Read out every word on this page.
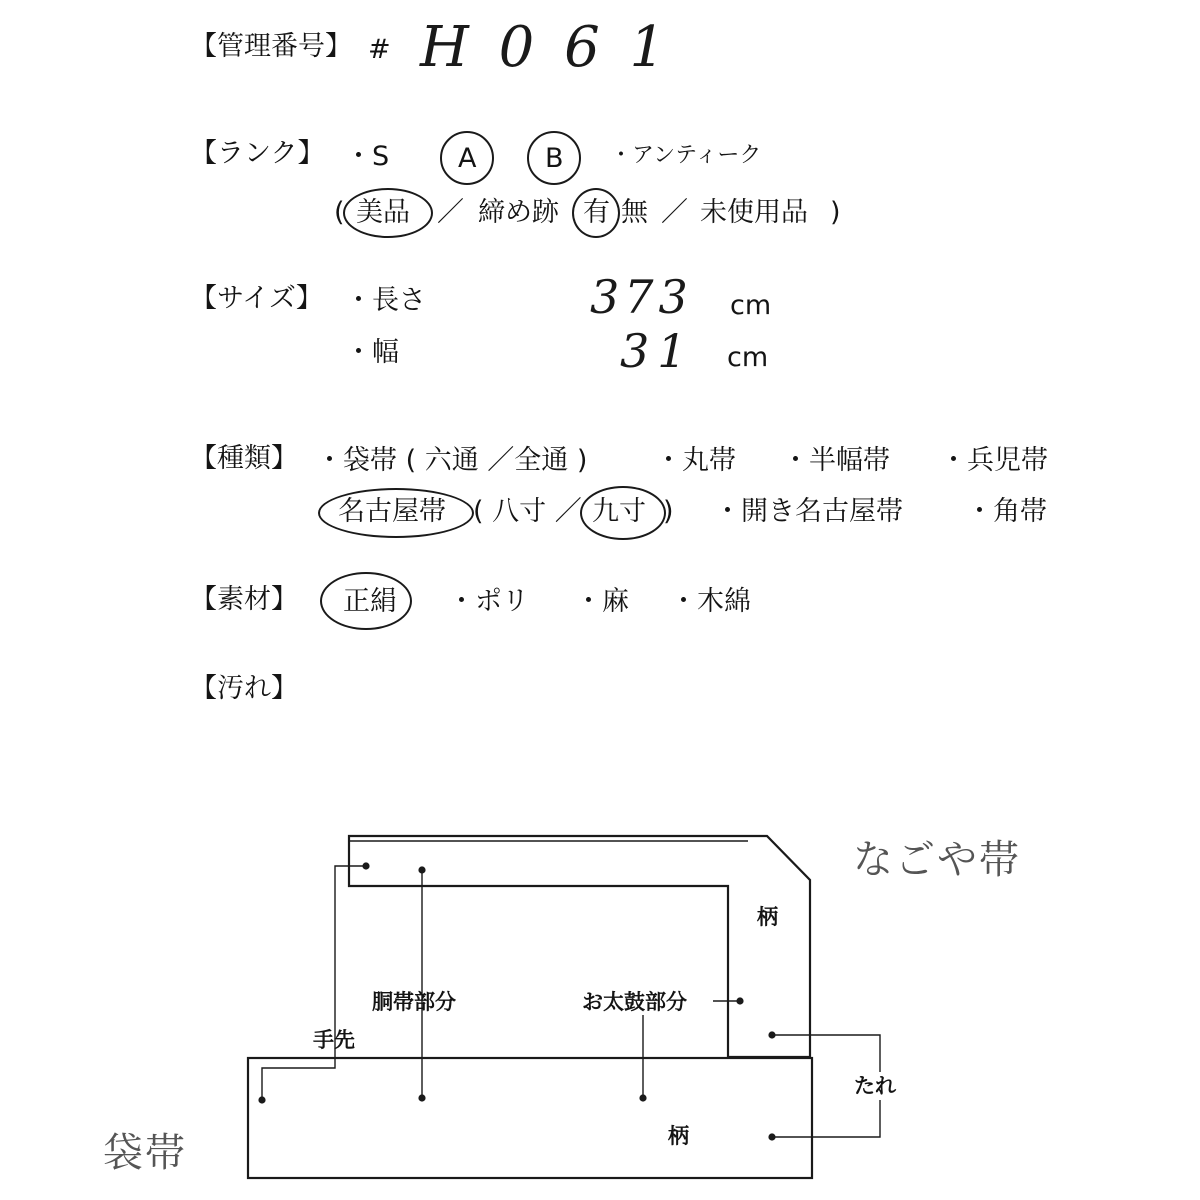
【管理番号】 # H 0 6 1
【ランク】 ・S	A	B ・アンティーク
( 美品 ／ 締め跡 有 無 ／ 未使用品 )
【サイズ】 ・長さ	373 cm
・幅	31 cm
【種類】 ・袋帯 ( 六通 ／全通 )	・丸帯 ・半幅帯 ・兵児帯
名古屋帯 ( 八寸 ／ 九寸 ) ・開き名古屋帯 ・角帯
【素材】 正絹 ・ポリ ・麻 ・木綿
【汚れ】
なごや帯
袋帯
柄
柄
手先
胴帯部分	お太鼓部分
たれ
